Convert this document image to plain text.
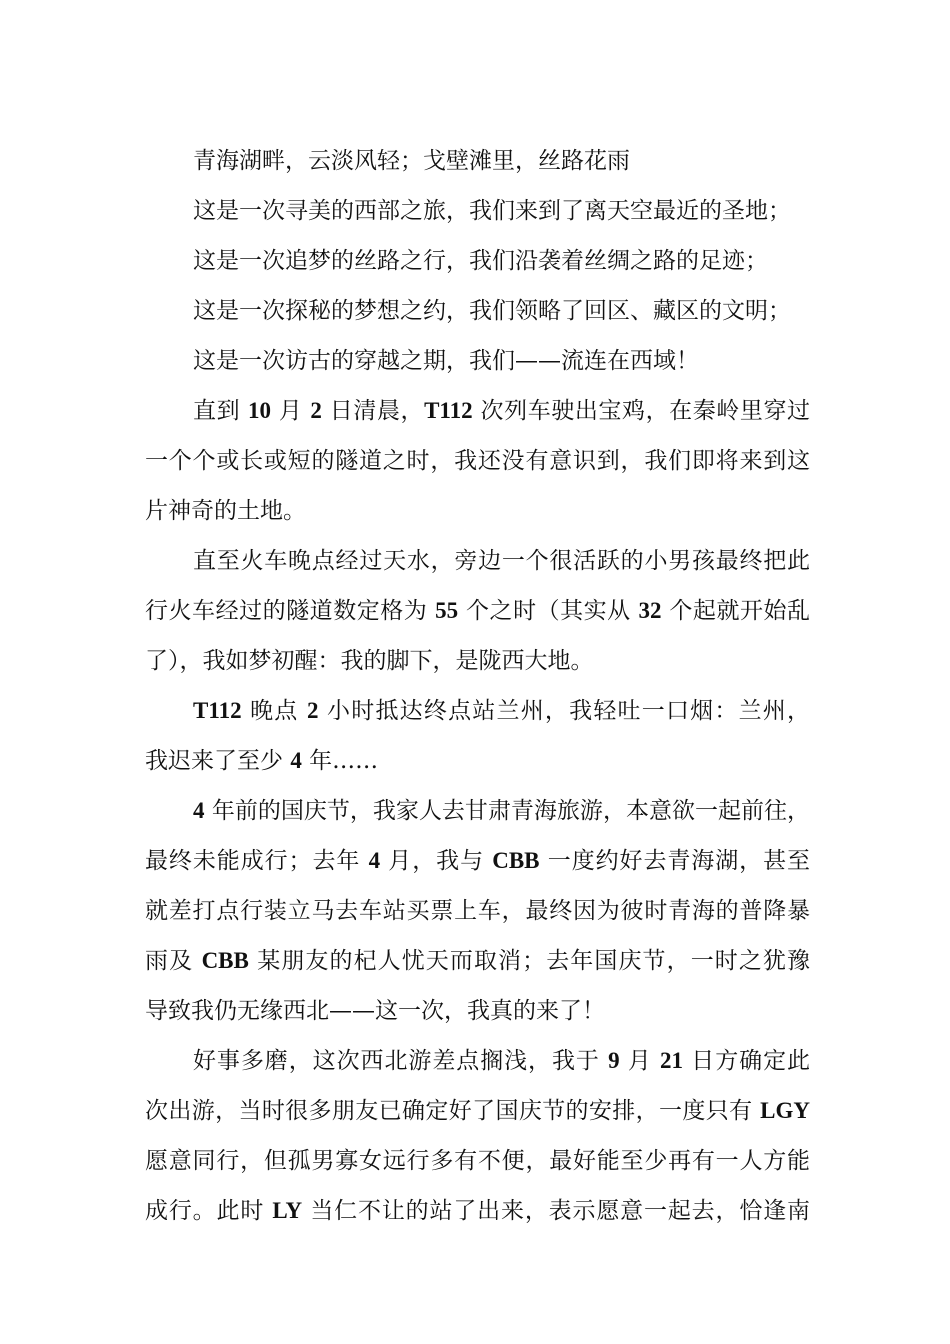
青海湖畔，云淡风轻；戈壁滩里，丝路花雨

这是一次寻美的西部之旅，我们来到了离天空最近的圣地；

这是一次追梦的丝路之行，我们沿袭着丝绸之路的足迹；

这是一次探秘的梦想之约，我们领略了回区、藏区的文明；

这是一次访古的穿越之期，我们——流连在西域！

直到 10 月 2 日清晨，T112 次列车驶出宝鸡，在秦岭里穿过

一个个或长或短的隧道之时，我还没有意识到，我们即将来到这

片神奇的土地。

直至火车晚点经过天水，旁边一个很活跃的小男孩最终把此

行火车经过的隧道数定格为 55 个之时（其实从 32 个起就开始乱

了），我如梦初醒：我的脚下，是陇西大地。

T112 晚点 2 小时抵达终点站兰州，我轻吐一口烟：兰州，

我迟来了至少 4 年……

4 年前的国庆节，我家人去甘肃青海旅游，本意欲一起前往，

最终未能成行；去年 4 月，我与 CBB 一度约好去青海湖，甚至

就差打点行装立马去车站买票上车，最终因为彼时青海的普降暴

雨及 CBB 某朋友的杞人忧天而取消；去年国庆节，一时之犹豫

导致我仍无缘西北——这一次，我真的来了！

好事多磨，这次西北游差点搁浅，我于 9 月 21 日方确定此

次出游，当时很多朋友已确定好了国庆节的安排，一度只有 LGY

愿意同行，但孤男寡女远行多有不便，最好能至少再有一人方能

成行。此时 LY 当仁不让的站了出来，表示愿意一起去，恰逢南
